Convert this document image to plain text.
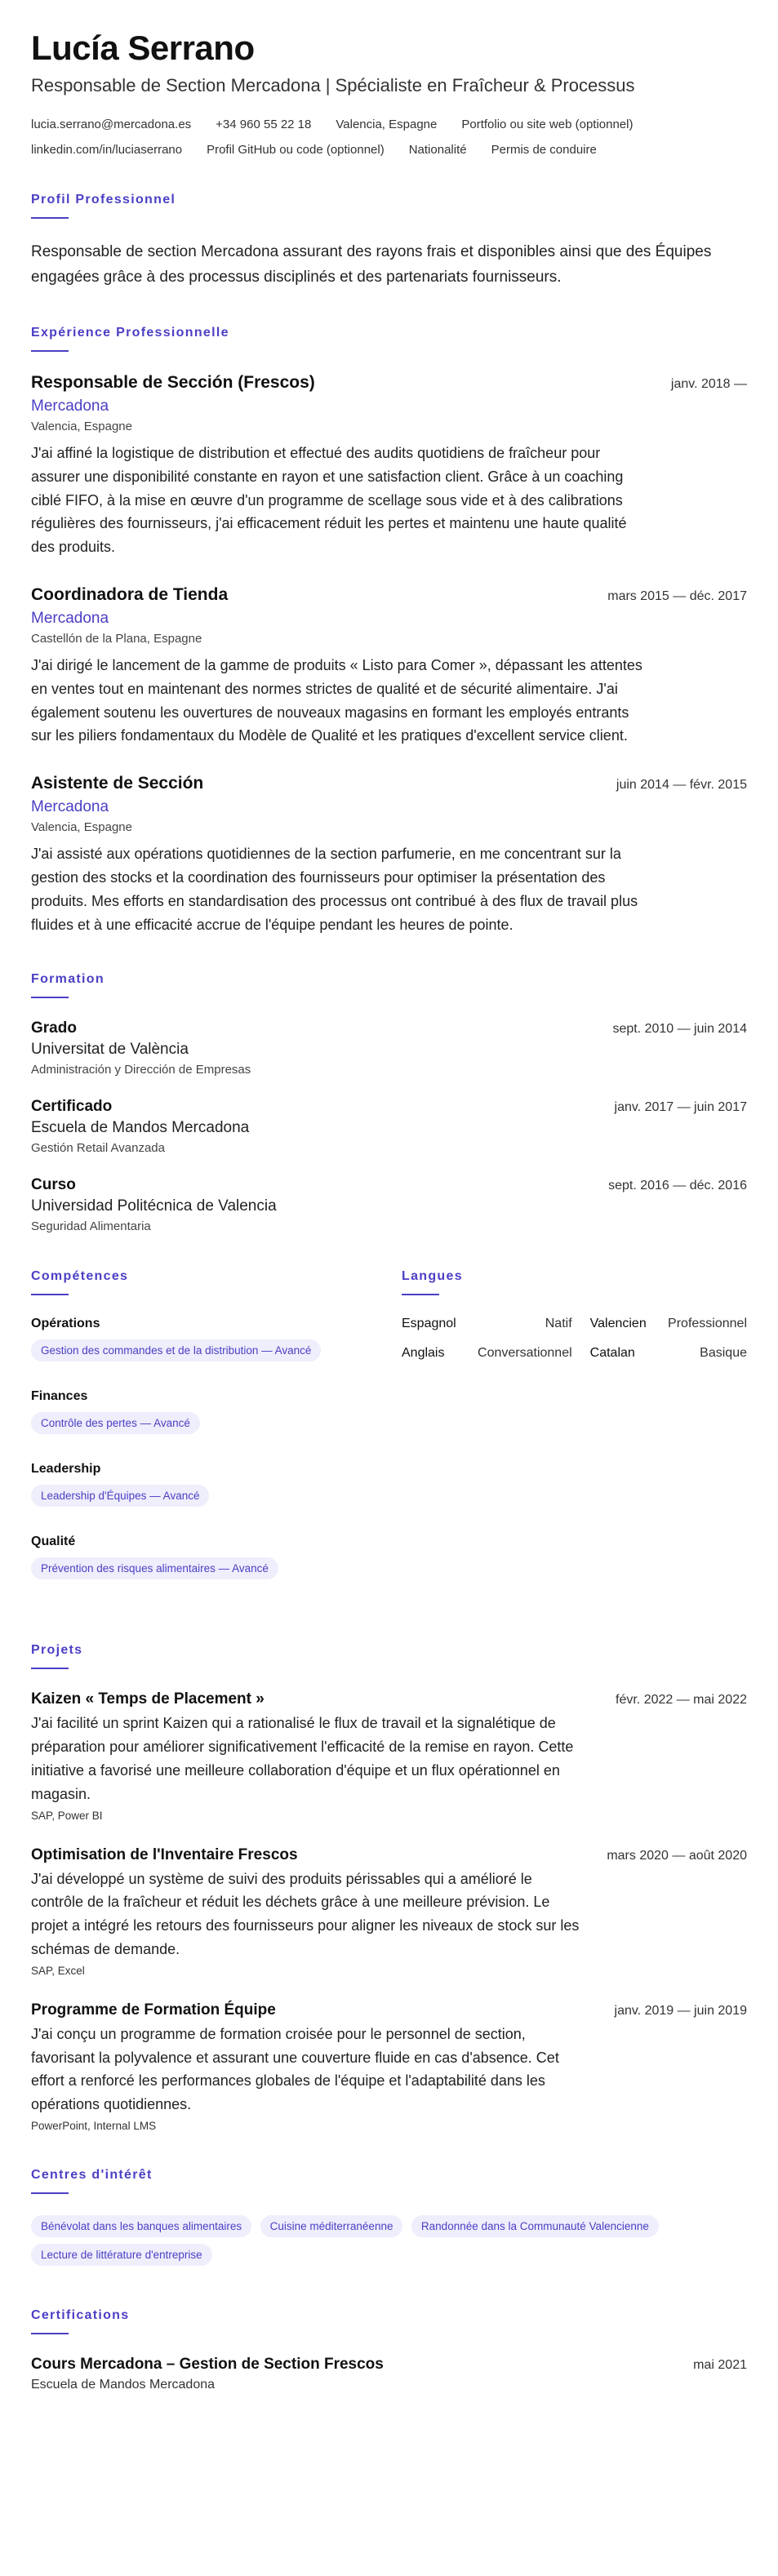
Lucía Serrano
Responsable de Section Mercadona | Spécialiste en Fraîcheur & Processus
lucia.serrano@mercadona.es +34 960 55 22 18 Valencia, Espagne Portfolio ou site web (optionnel)
linkedin.com/in/luciaserrano Profil GitHub ou code (optionnel) Nationalité Permis de conduire
Profil Professionnel
Responsable de section Mercadona assurant des rayons frais et disponibles ainsi que des Équipes engagées grâce à des processus disciplinés et des partenariats fournisseurs.
Expérience Professionnelle
Responsable de Sección (Frescos)	janv. 2018 —
Mercadona
Valencia, Espagne
J'ai affiné la logistique de distribution et effectué des audits quotidiens de fraîcheur pour assurer une disponibilité constante en rayon et une satisfaction client. Grâce à un coaching ciblé FIFO, à la mise en œuvre d'un programme de scellage sous vide et à des calibrations régulières des fournisseurs, j'ai efficacement réduit les pertes et maintenu une haute qualité des produits.
Coordinadora de Tienda	mars 2015 — déc. 2017
Mercadona
Castellón de la Plana, Espagne
J'ai dirigé le lancement de la gamme de produits « Listo para Comer », dépassant les attentes en ventes tout en maintenant des normes strictes de qualité et de sécurité alimentaire. J'ai également soutenu les ouvertures de nouveaux magasins en formant les employés entrants sur les piliers fondamentaux du Modèle de Qualité et les pratiques d'excellent service client.
Asistente de Sección	juin 2014 — févr. 2015
Mercadona
Valencia, Espagne
J'ai assisté aux opérations quotidiennes de la section parfumerie, en me concentrant sur la gestion des stocks et la coordination des fournisseurs pour optimiser la présentation des produits. Mes efforts en standardisation des processus ont contribué à des flux de travail plus fluides et à une efficacité accrue de l'équipe pendant les heures de pointe.
Formation
Grado	sept. 2010 — juin 2014
Universitat de València
Administración y Dirección de Empresas
Certificado	janv. 2017 — juin 2017
Escuela de Mandos Mercadona
Gestión Retail Avanzada
Curso	sept. 2016 — déc. 2016
Universidad Politécnica de Valencia
Seguridad Alimentaria
Compétences
Opérations
Gestion des commandes et de la distribution — Avancé
Finances
Contrôle des pertes — Avancé
Leadership
Leadership d'Équipes — Avancé
Qualité
Prévention des risques alimentaires — Avancé
Langues
Espagnol	Natif Valencien Professionnel
Anglais	Conversationnel Catalan	Basique
Projets
Kaizen « Temps de Placement »	févr. 2022 — mai 2022
J'ai facilité un sprint Kaizen qui a rationalisé le flux de travail et la signalétique de préparation pour améliorer significativement l'efficacité de la remise en rayon. Cette initiative a favorisé une meilleure collaboration d'équipe et un flux opérationnel en magasin.
SAP, Power BI
Optimisation de l'Inventaire Frescos	mars 2020 — août 2020
J'ai développé un système de suivi des produits périssables qui a amélioré le contrôle de la fraîcheur et réduit les déchets grâce à une meilleure prévision. Le projet a intégré les retours des fournisseurs pour aligner les niveaux de stock sur les schémas de demande.
SAP, Excel
Programme de Formation Équipe	janv. 2019 — juin 2019
J'ai conçu un programme de formation croisée pour le personnel de section, favorisant la polyvalence et assurant une couverture fluide en cas d'absence. Cet effort a renforcé les performances globales de l'équipe et l'adaptabilité dans les opérations quotidiennes.
PowerPoint, Internal LMS
Centres d'intérêt
Bénévolat dans les banques alimentaires	Cuisine méditerranéenne	Randonnée dans la Communauté Valencienne Lecture de littérature d'entreprise
Certifications
Cours Mercadona – Gestion de Section Frescos	mai 2021
Escuela de Mandos Mercadona
